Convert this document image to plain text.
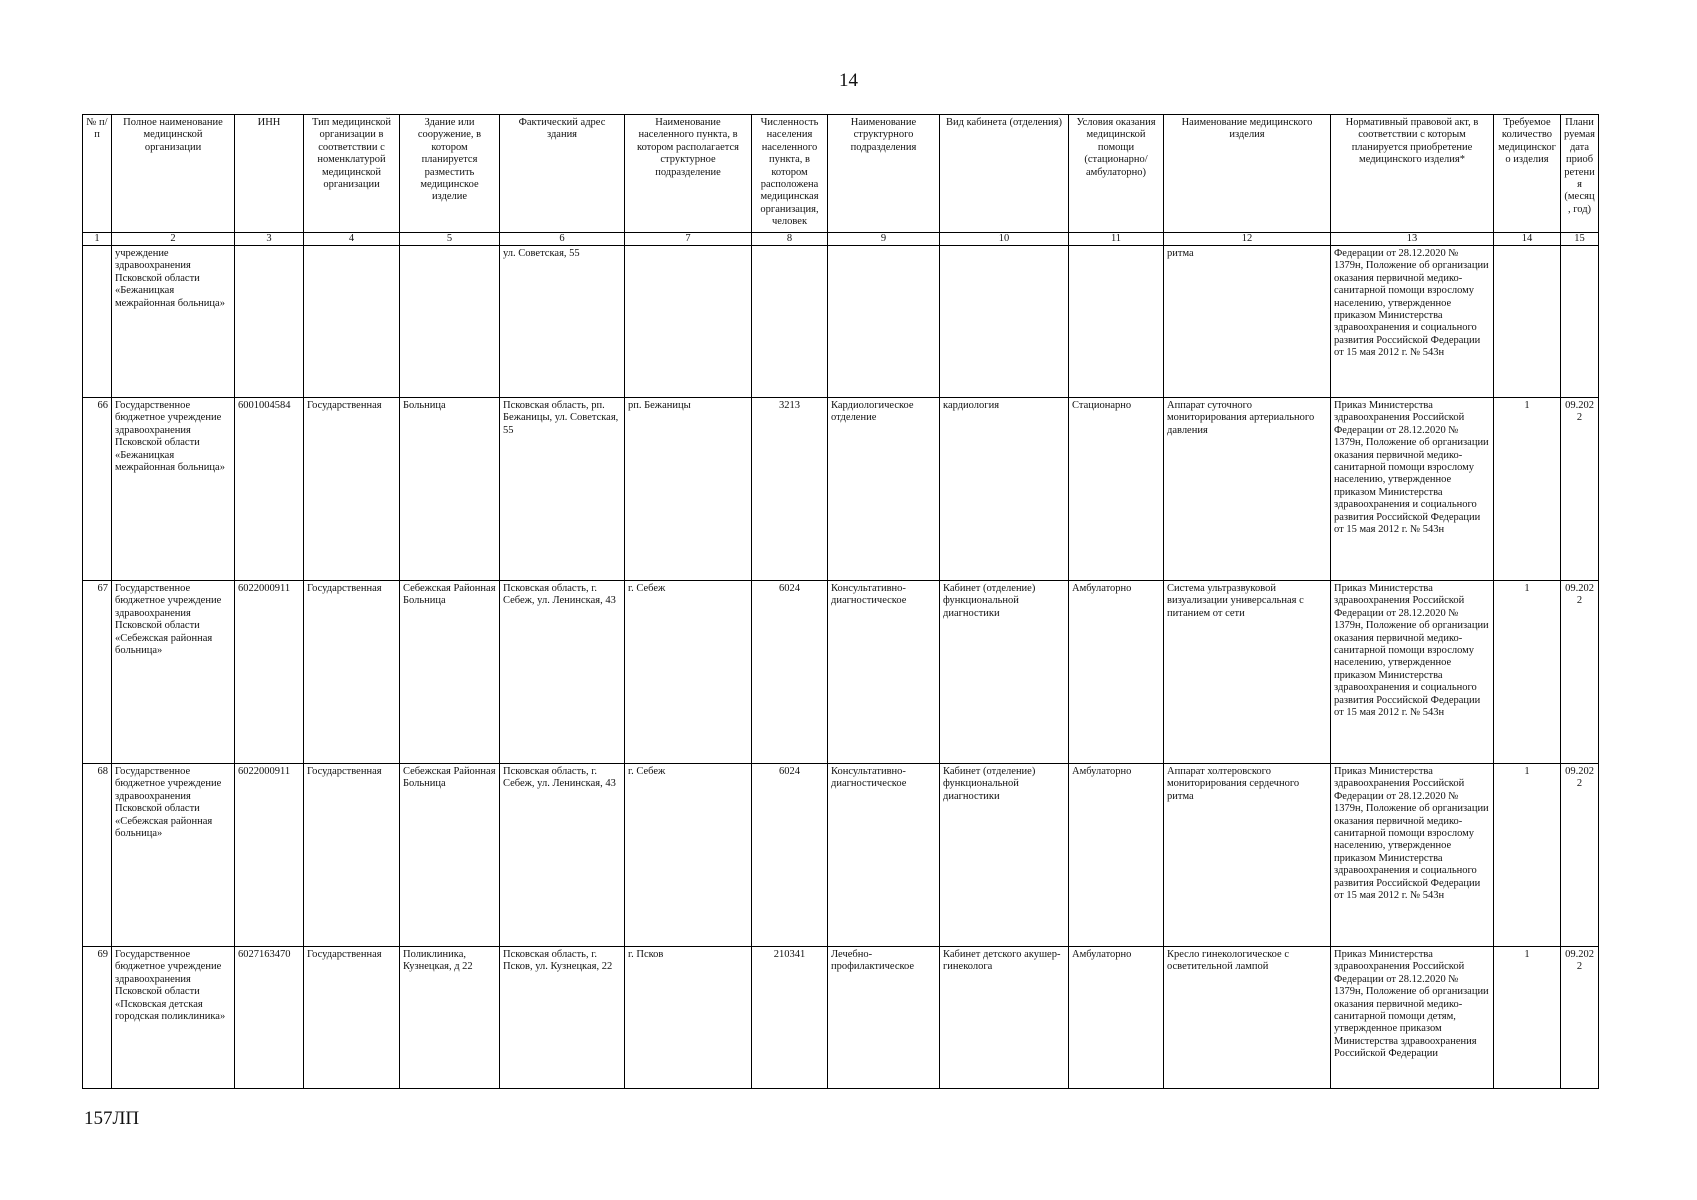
14
№ п/п	Полное наименование медицинской организации	ИНН	Тип медицинской организации в соответствии с номенклатурой медицинской организации	Здание или сооружение, в котором планируется разместить медицинское изделие	Фактический адрес здания	Наименование населенного пункта, в котором располагается структурное подразделение	Численность населения населенного пункта, в котором расположена медицинская организация, человек	Наименование структурного подразделения	Вид кабинета (отделения)	Условия оказания медицинской помощи (стационарно/ амбулаторно)	Наименование медицинского изделия	Нормативный правовой акт, в соответствии с которым планируется приобретение медицинского изделия*	Требуемое количество медицинского изделия	Планируемая дата приобретения (месяц, год)
1	2	3	4	5	6	7	8	9	10	11	12	13	14	15
	учреждение здравоохранения Псковской области «Бежаницкая межрайонная больница»				ул. Советская, 55						ритма	Федерации от 28.12.2020 № 1379н, Положение об организации оказания первичной медико-санитарной помощи взрослому населению, утвержденное приказом Министерства здравоохранения и социального развития Российской Федерации от 15 мая 2012 г. № 543н		
66	Государственное бюджетное учреждение здравоохранения Псковской области «Бежаницкая межрайонная больница»	6001004584	Государственная	Больница	Псковская область, рп. Бежаницы, ул. Советская, 55	рп. Бежаницы	3213	Кардиологическое отделение	кардиология	Стационарно	Аппарат суточного мониторирования артериального давления	Приказ Министерства здравоохранения Российской Федерации от 28.12.2020 № 1379н, Положение об организации оказания первичной медико-санитарной помощи взрослому населению, утвержденное приказом Министерства здравоохранения и социального развития Российской Федерации от 15 мая 2012 г. № 543н	1	09.2022
67	Государственное бюджетное учреждение здравоохранения Псковской области «Себежская районная больница»	6022000911	Государственная	Себежская Районная Больница	Псковская область, г. Себеж, ул. Ленинская, 43	г. Себеж	6024	Консультативно-диагностическое	Кабинет (отделение) функциональной диагностики	Амбулаторно	Система ультразвуковой визуализации универсальная с питанием от сети	Приказ Министерства здравоохранения Российской Федерации от 28.12.2020 № 1379н, Положение об организации оказания первичной медико-санитарной помощи взрослому населению, утвержденное приказом Министерства здравоохранения и социального развития Российской Федерации от 15 мая 2012 г. № 543н	1	09.2022
68	Государственное бюджетное учреждение здравоохранения Псковской области «Себежская районная больница»	6022000911	Государственная	Себежская Районная Больница	Псковская область, г. Себеж, ул. Ленинская, 43	г. Себеж	6024	Консультативно-диагностическое	Кабинет (отделение) функциональной диагностики	Амбулаторно	Аппарат холтеровского мониторирования сердечного ритма	Приказ Министерства здравоохранения Российской Федерации от 28.12.2020 № 1379н, Положение об организации оказания первичной медико-санитарной помощи взрослому населению, утвержденное приказом Министерства здравоохранения и социального развития Российской Федерации от 15 мая 2012 г. № 543н	1	09.2022
69	Государственное бюджетное учреждение здравоохранения Псковской области «Псковская детская городская поликлиника»	6027163470	Государственная	Поликлиника, Кузнецкая, д 22	Псковская область, г. Псков, ул. Кузнецкая, 22	г. Псков	210341	Лечебно-профилактическое	Кабинет детского акушер-гинеколога	Амбулаторно	Кресло гинекологическое с осветительной лампой	Приказ Министерства здравоохранения Российской Федерации от 28.12.2020 № 1379н, Положение об организации оказания первичной медико-санитарной помощи детям, утвержденное приказом Министерства здравоохранения Российской Федерации	1	09.2022
157ЛП
